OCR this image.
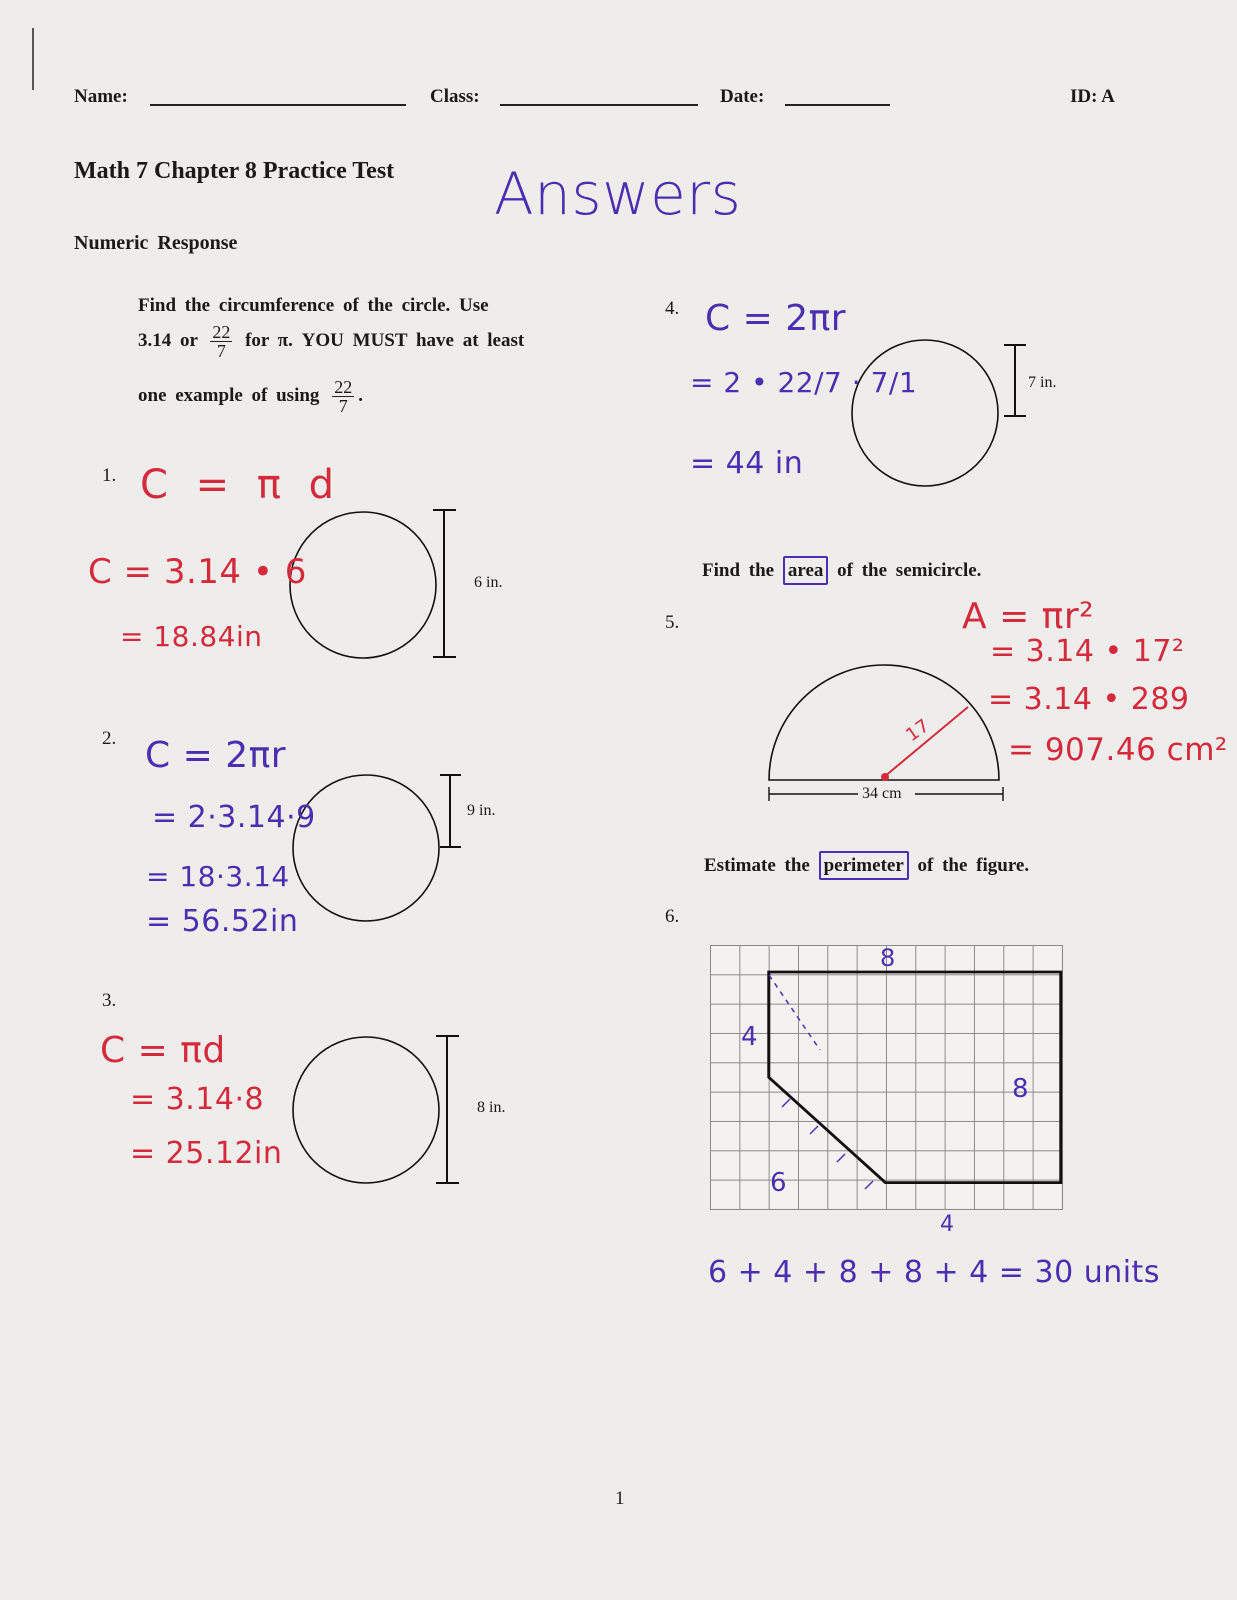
Name:	Class:	Date:	ID: A
Math 7 Chapter 8 Practice Test Answers
Numeric Response
Find the circumference of the circle. Use
3.14 or $\frac{22}{7}$ for π. YOU MUST have at least
one example of using $\frac{22}{7}$ .
1.
2.
3.
4.
5.
6.
6 in.
9 in.
8 in.
7 in.
34 cm
C = π d
C = 3.14 • 6
= 18.84in
C = 2πr
= 2·3.14·9
= 18·3.14
= 56.52in
C = πd
= 3.14·8
= 25.12in
C = 2πr
= 2 • 22/7 · 7/1
= 44 in
Find the area of the semicircle.
17
A = πr²
= 3.14 • 17²
= 3.14 • 289
= 907.46 cm²
Estimate the perimeter of the figure.
8
4
8
6
4
6 + 4 + 8 + 8 + 4 = 30 units
1
